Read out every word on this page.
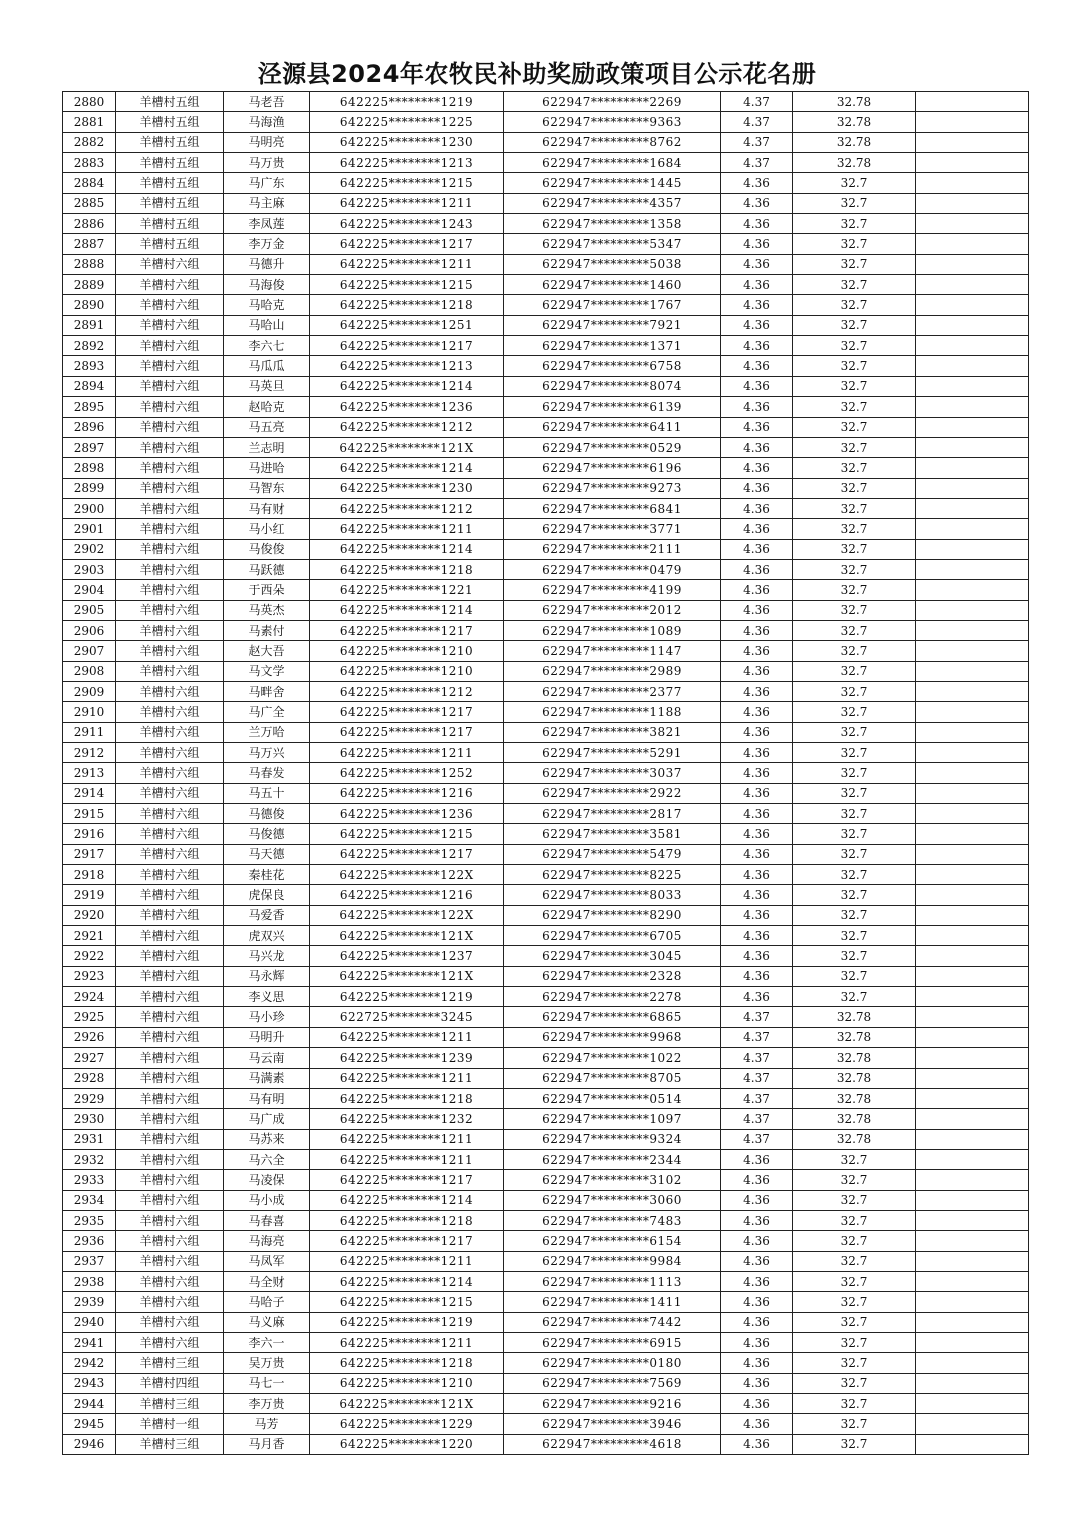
泾源县2024年农牧民补助奖励政策项目公示花名册
2880	羊槽村五组	马老吾	642225********1219	622947*********2269	4.37	32.78	
2881	羊槽村五组	马海渔	642225********1225	622947*********9363	4.37	32.78	
2882	羊槽村五组	马明亮	642225********1230	622947*********8762	4.37	32.78	
2883	羊槽村五组	马万贵	642225********1213	622947*********1684	4.37	32.78	
2884	羊槽村五组	马广东	642225********1215	622947*********1445	4.36	32.7	
2885	羊槽村五组	马主麻	642225********1211	622947*********4357	4.36	32.7	
2886	羊槽村五组	李凤莲	642225********1243	622947*********1358	4.36	32.7	
2887	羊槽村五组	李万金	642225********1217	622947*********5347	4.36	32.7	
2888	羊槽村六组	马德升	642225********1211	622947*********5038	4.36	32.7	
2889	羊槽村六组	马海俊	642225********1215	622947*********1460	4.36	32.7	
2890	羊槽村六组	马哈克	642225********1218	622947*********1767	4.36	32.7	
2891	羊槽村六组	马哈山	642225********1251	622947*********7921	4.36	32.7	
2892	羊槽村六组	李六七	642225********1217	622947*********1371	4.36	32.7	
2893	羊槽村六组	马瓜瓜	642225********1213	622947*********6758	4.36	32.7	
2894	羊槽村六组	马英旦	642225********1214	622947*********8074	4.36	32.7	
2895	羊槽村六组	赵哈克	642225********1236	622947*********6139	4.36	32.7	
2896	羊槽村六组	马五亮	642225********1212	622947*********6411	4.36	32.7	
2897	羊槽村六组	兰志明	642225********121X	622947*********0529	4.36	32.7	
2898	羊槽村六组	马进哈	642225********1214	622947*********6196	4.36	32.7	
2899	羊槽村六组	马智东	642225********1230	622947*********9273	4.36	32.7	
2900	羊槽村六组	马有财	642225********1212	622947*********6841	4.36	32.7	
2901	羊槽村六组	马小红	642225********1211	622947*********3771	4.36	32.7	
2902	羊槽村六组	马俊俊	642225********1214	622947*********2111	4.36	32.7	
2903	羊槽村六组	马跃德	642225********1218	622947*********0479	4.36	32.7	
2904	羊槽村六组	于西朵	642225********1221	622947*********4199	4.36	32.7	
2905	羊槽村六组	马英杰	642225********1214	622947*********2012	4.36	32.7	
2906	羊槽村六组	马素付	642225********1217	622947*********1089	4.36	32.7	
2907	羊槽村六组	赵大吾	642225********1210	622947*********1147	4.36	32.7	
2908	羊槽村六组	马文学	642225********1210	622947*********2989	4.36	32.7	
2909	羊槽村六组	马畔舍	642225********1212	622947*********2377	4.36	32.7	
2910	羊槽村六组	马广全	642225********1217	622947*********1188	4.36	32.7	
2911	羊槽村六组	兰万哈	642225********1217	622947*********3821	4.36	32.7	
2912	羊槽村六组	马万兴	642225********1211	622947*********5291	4.36	32.7	
2913	羊槽村六组	马春发	642225********1252	622947*********3037	4.36	32.7	
2914	羊槽村六组	马五十	642225********1216	622947*********2922	4.36	32.7	
2915	羊槽村六组	马德俊	642225********1236	622947*********2817	4.36	32.7	
2916	羊槽村六组	马俊德	642225********1215	622947*********3581	4.36	32.7	
2917	羊槽村六组	马天德	642225********1217	622947*********5479	4.36	32.7	
2918	羊槽村六组	秦桂花	642225********122X	622947*********8225	4.36	32.7	
2919	羊槽村六组	虎保良	642225********1216	622947*********8033	4.36	32.7	
2920	羊槽村六组	马爱香	642225********122X	622947*********8290	4.36	32.7	
2921	羊槽村六组	虎双兴	642225********121X	622947*********6705	4.36	32.7	
2922	羊槽村六组	马兴龙	642225********1237	622947*********3045	4.36	32.7	
2923	羊槽村六组	马永辉	642225********121X	622947*********2328	4.36	32.7	
2924	羊槽村六组	李义思	642225********1219	622947*********2278	4.36	32.7	
2925	羊槽村六组	马小珍	622725********3245	622947*********6865	4.37	32.78	
2926	羊槽村六组	马明升	642225********1211	622947*********9968	4.37	32.78	
2927	羊槽村六组	马云南	642225********1239	622947*********1022	4.37	32.78	
2928	羊槽村六组	马满素	642225********1211	622947*********8705	4.37	32.78	
2929	羊槽村六组	马有明	642225********1218	622947*********0514	4.37	32.78	
2930	羊槽村六组	马广成	642225********1232	622947*********1097	4.37	32.78	
2931	羊槽村六组	马苏来	642225********1211	622947*********9324	4.37	32.78	
2932	羊槽村六组	马六全	642225********1211	622947*********2344	4.36	32.7	
2933	羊槽村六组	马凌保	642225********1217	622947*********3102	4.36	32.7	
2934	羊槽村六组	马小成	642225********1214	622947*********3060	4.36	32.7	
2935	羊槽村六组	马春喜	642225********1218	622947*********7483	4.36	32.7	
2936	羊槽村六组	马海亮	642225********1217	622947*********6154	4.36	32.7	
2937	羊槽村六组	马凤军	642225********1211	622947*********9984	4.36	32.7	
2938	羊槽村六组	马全财	642225********1214	622947*********1113	4.36	32.7	
2939	羊槽村六组	马哈子	642225********1215	622947*********1411	4.36	32.7	
2940	羊槽村六组	马义麻	642225********1219	622947*********7442	4.36	32.7	
2941	羊槽村六组	李六一	642225********1211	622947*********6915	4.36	32.7	
2942	羊槽村三组	吴万贵	642225********1218	622947*********0180	4.36	32.7	
2943	羊槽村四组	马七一	642225********1210	622947*********7569	4.36	32.7	
2944	羊槽村三组	李万贵	642225********121X	622947*********9216	4.36	32.7	
2945	羊槽村一组	马芳	642225********1229	622947*********3946	4.36	32.7	
2946	羊槽村三组	马月香	642225********1220	622947*********4618	4.36	32.7	
